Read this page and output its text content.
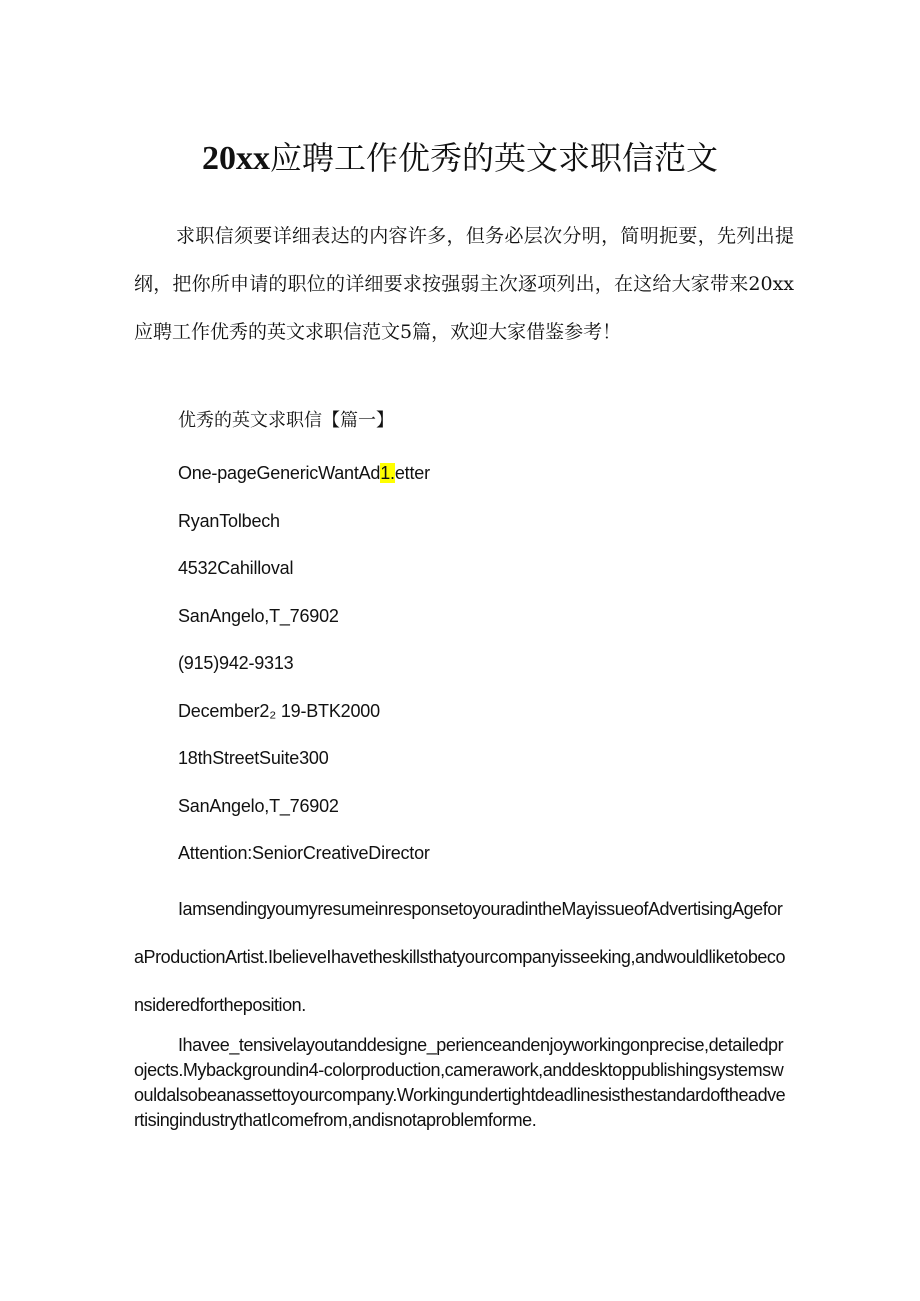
20xx应聘工作优秀的英文求职信范文
求职信须要详细表达的内容许多，但务必层次分明，简明扼要，先列出提纲，把你所申请的职位的详细要求按强弱主次逐项列出，在这给大家带来20xx应聘工作优秀的英文求职信范文5篇，欢迎大家借鉴参考！
优秀的英文求职信【篇一】
One-pageGenericWantAd1.etter
RyanTolbech
4532Cahilloval
SanAngelo,T_76902
(915)942-9313
December2₂ 19-BTK2000
18thStreetSuite300
SanAngelo,T_76902
Attention:SeniorCreativeDirector
IamsendingyoumyresumeinresponsetoyouradintheMayissueofAdvertisingAgeforaProductionArtist.IbelieveIhavetheskillsthatyourcompanyisseeking,andwouldliketobeconsideredfortheposition.
Ihavee_tensivelayoutanddesigne_perienceandenjoyworkingonprecise,detailedprojects.Mybackgroundin4-colorproduction,camerawork,anddesktoppublishingsystemswouldalsobeanassettoyourcompany.WorkingundertightdeadlinesisthestandardoftheadvertisingindustrythatIcomefrom,andisnotaproblemforme.
